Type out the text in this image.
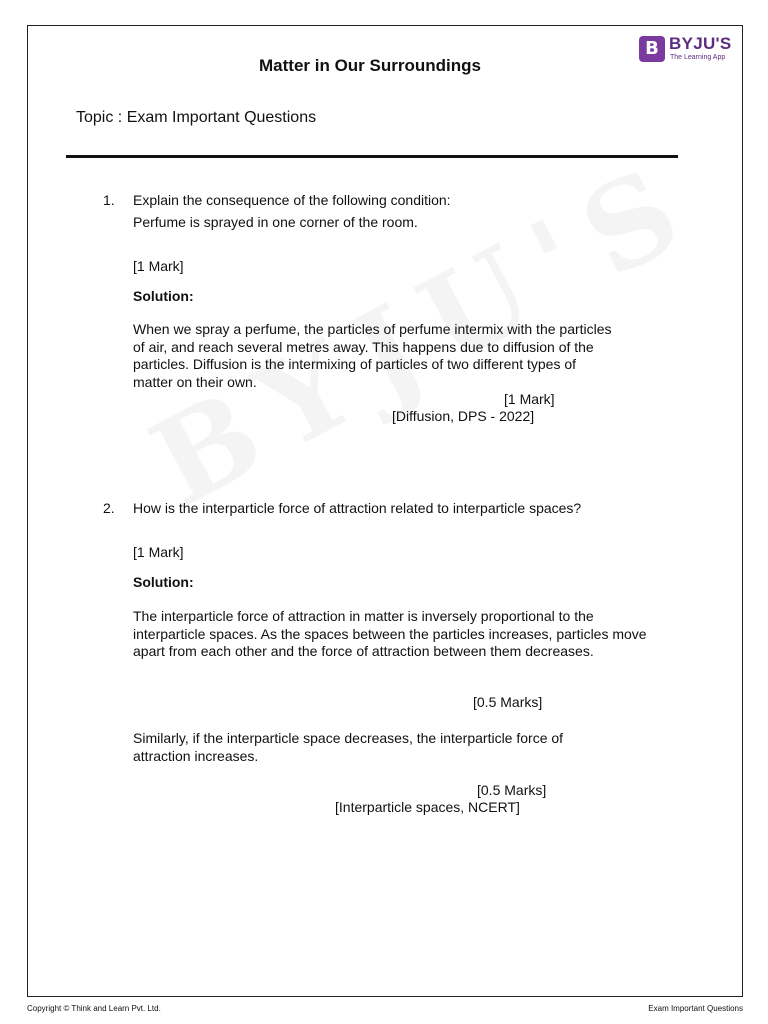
B BYJU'S
The Learning App
Matter in Our Surroundings
Topic : Exam Important Questions
1. Explain the consequence of the following condition:
Perfume is sprayed in one corner of the room.
[1 Mark]
Solution:
When we spray a perfume, the particles of perfume intermix with the particles of air, and reach several metres away. This happens due to diffusion of the particles. Diffusion is the intermixing of particles of two different types of matter on their own.
[1 Mark]
[Diffusion, DPS - 2022]
2. How is the interparticle force of attraction related to interparticle spaces?
[1 Mark]
Solution:
The interparticle force of attraction in matter is inversely proportional to the interparticle spaces. As the spaces between the particles increases, particles move apart from each other and the force of attraction between them decreases.
[0.5 Marks]
Similarly, if the interparticle space decreases, the interparticle force of attraction increases.
[0.5 Marks]
[Interparticle spaces, NCERT]
Copyright © Think and Learn Pvt. Ltd.	Exam Important Questions
